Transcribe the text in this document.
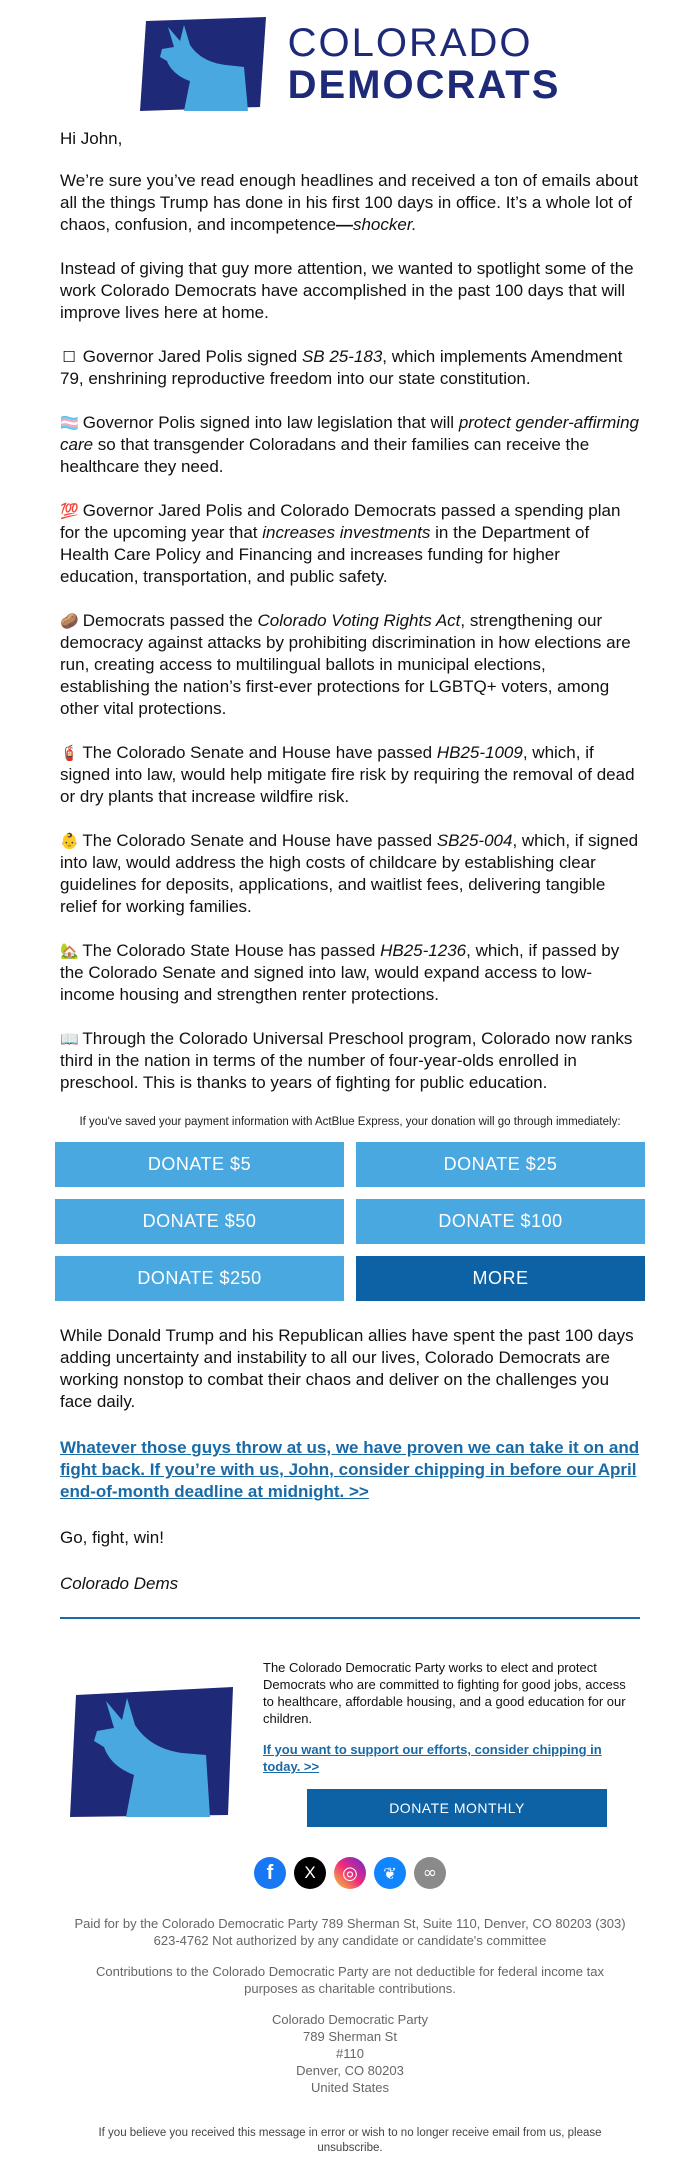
COLORADO
DEMOCRATS

Hi John,

We’re sure you’ve read enough headlines and received a ton of emails about all the things Trump has done in his first 100 days in office. It’s a whole lot of chaos, confusion, and incompetence—shocker.

Instead of giving that guy more attention, we wanted to spotlight some of the work Colorado Democrats have accomplished in the past 100 days that will improve lives here at home.

☐ Governor Jared Polis signed SB 25-183, which implements Amendment 79, enshrining reproductive freedom into our state constitution.

🏳️‍⚧️ Governor Polis signed into law legislation that will protect gender-affirming care so that transgender Coloradans and their families can receive the healthcare they need.

💯 Governor Jared Polis and Colorado Democrats passed a spending plan for the upcoming year that increases investments in the Department of Health Care Policy and Financing and increases funding for higher education, transportation, and public safety.

🥔 Democrats passed the Colorado Voting Rights Act, strengthening our democracy against attacks by prohibiting discrimination in how elections are run, creating access to multilingual ballots in municipal elections, establishing the nation’s first-ever protections for LGBTQ+ voters, among other vital protections.

🧯 The Colorado Senate and House have passed HB25-1009, which, if signed into law, would help mitigate fire risk by requiring the removal of dead or dry plants that increase wildfire risk.

👶 The Colorado Senate and House have passed SB25-004, which, if signed into law, would address the high costs of childcare by establishing clear guidelines for deposits, applications, and waitlist fees, delivering tangible relief for working families.

🏡 The Colorado State House has passed HB25-1236, which, if passed by the Colorado Senate and signed into law, would expand access to low-income housing and strengthen renter protections.

📖 Through the Colorado Universal Preschool program, Colorado now ranks third in the nation in terms of the number of four-year-olds enrolled in preschool. This is thanks to years of fighting for public education.

If you've saved your payment information with ActBlue Express, your donation will go through immediately:
DONATE $5	DONATE $25
DONATE $50	DONATE $100
DONATE $250	MORE

While Donald Trump and his Republican allies have spent the past 100 days adding uncertainty and instability to all our lives, Colorado Democrats are working nonstop to combat their chaos and deliver on the challenges you face daily.

Whatever those guys throw at us, we have proven we can take it on and fight back. If you’re with us, John, consider chipping in before our April end-of-month deadline at midnight. >>

Go, fight, win!

Colorado Dems

The Colorado Democratic Party works to elect and protect Democrats who are committed to fighting for good jobs, access to healthcare, affordable housing, and a good education for our children.

If you want to support our efforts, consider chipping in today. >>

DONATE MONTHLY
f X ◎ ❦ ∞

Paid for by the Colorado Democratic Party 789 Sherman St, Suite 110, Denver, CO 80203 (303) 623-4762 Not authorized by any candidate or candidate's committee

Contributions to the Colorado Democratic Party are not deductible for federal income tax purposes as charitable contributions.

Colorado Democratic Party
789 Sherman St
#110
Denver, CO 80203
United States
If you believe you received this message in error or wish to no longer receive email from us, please unsubscribe.
